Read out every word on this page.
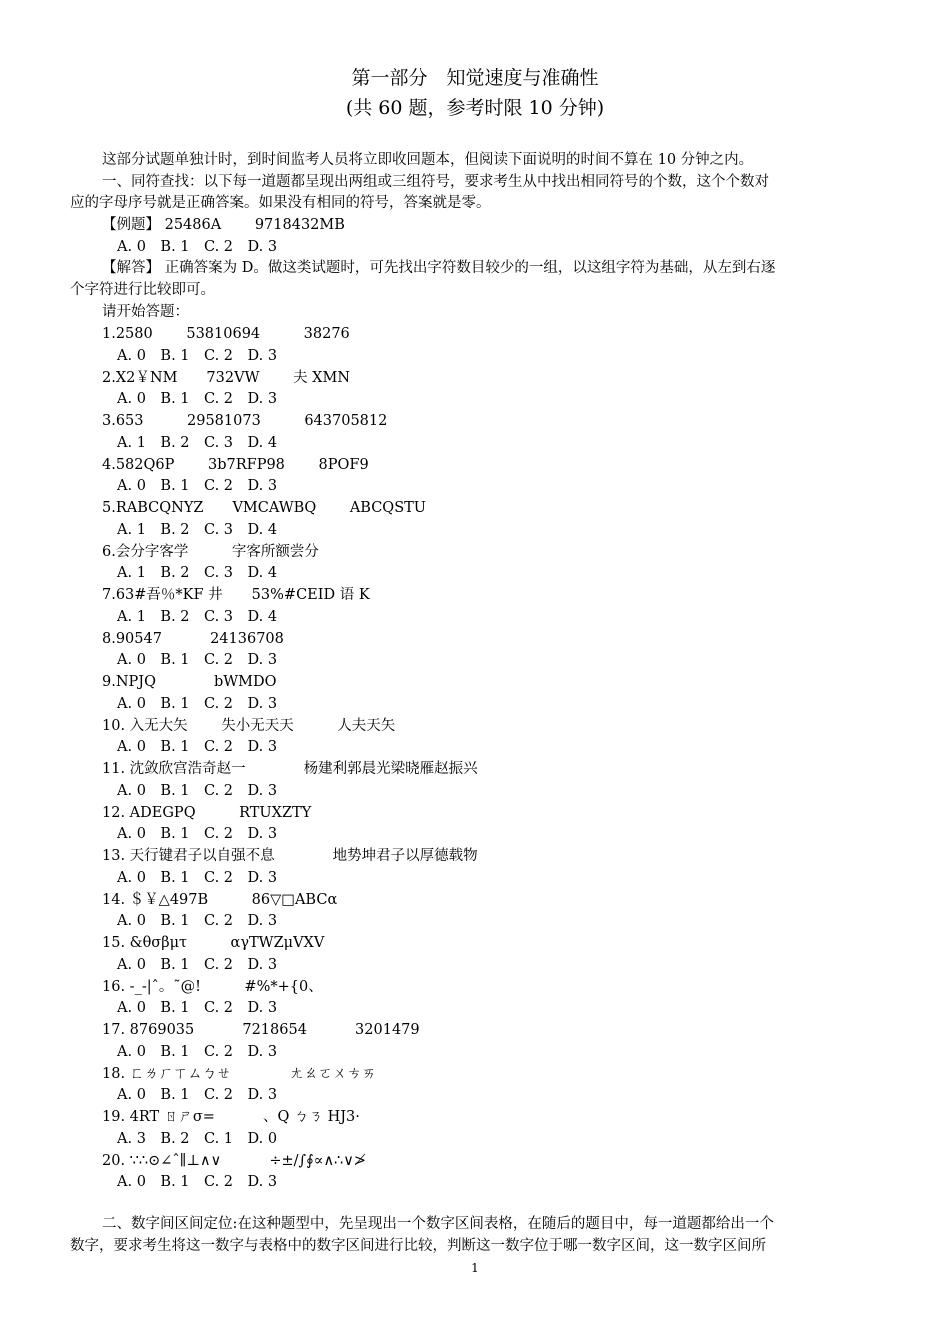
第一部分　知觉速度与准确性
(共 60 题，参考时限 10 分钟)
这部分试题单独计时，到时间监考人员将立即收回题本，但阅读下面说明的时间不算在 10 分钟之内。
一、同符查找：以下每一道题都呈现出两组或三组符号，要求考生从中找出相同符号的个数，这个个数对
应的字母序号就是正确答案。如果没有相同的符号，答案就是零。
【例题】 25486A　　 9718432MB
A. 0　B. 1　C. 2　D. 3
【解答】 正确答案为 D。做这类试题时，可先找出字符数目较少的一组，以这组字符为基础，从左到右逐
个字符进行比较即可。
请开始答题：
1.2580　　 53810694　　　38276
A. 0　B. 1　C. 2　D. 3
2.X2￥NM　　732VW　　 夫 XMN
A. 0　B. 1　C. 2　D. 3
3.653　　　29581073　　　643705812
A. 1　B. 2　C. 3　D. 4
4.582Q6P　　 3b7RFP98　　 8POF9
A. 0　B. 1　C. 2　D. 3
5.RABCQNYZ　　VMCAWBQ　　 ABCQSTU
A. 1　B. 2　C. 3　D. 4
6.会分字客学　　　字客所额尝分
A. 1　B. 2　C. 3　D. 4
7.63#吾％*KF 井　　53%#CEID 语 K
A. 1　B. 2　C. 3　D. 4
8.90547　　　 24136708
A. 0　B. 1　C. 2　D. 3
9.NPJQ　　　　bWMDO
A. 0　B. 1　C. 2　D. 3
10. 入无大矢　　 失小无天天　　　人夫天矢
A. 0　B. 1　C. 2　D. 3
11. 沈敛欣宫浩奇赵一　　　　杨建利郭晨光梁晓雁赵振兴
A. 0　B. 1　C. 2　D. 3
12. ADEGPQ　　　RTUXZTY
A. 0　B. 1　C. 2　D. 3
13. 天行键君子以自强不息　　　　地势坤君子以厚德载物
A. 0　B. 1　C. 2　D. 3
14. ＄￥△497B　　　86▽□ABCα
A. 0　B. 1　C. 2　D. 3
15. &θσβμτ　　　αγTWZμVXV
A. 0　B. 1　C. 2　D. 3
16. -_-|ˆ。˜@!　　　#%*+{0、
A. 0　B. 1　C. 2　D. 3
17. 8769035　　　 7218654　　　 3201479
A. 0　B. 1　C. 2　D. 3
18. ㄈㄌㄏㄒㄙㄅㄝ　　　　ㄤㄠㄛㄨㄘㄞ
A. 0　B. 1　C. 2　D. 3
19. 4RT ㄖㄕσ=　　　 、Q ㄅㄋ HJ3·
A. 3　B. 2　C. 1　D. 0
20. ∵∴⊙∠ˆ∥⊥∧∨　　　 ÷±/∫∮∝∧∴∨≯
A. 0　B. 1　C. 2　D. 3
二、数字间区间定位:在这种题型中，先呈现出一个数字区间表格，在随后的题目中，每一道题都给出一个
数字，要求考生将这一数字与表格中的数字区间进行比较，判断这一数字位于哪一数字区间，这一数字区间所
1
